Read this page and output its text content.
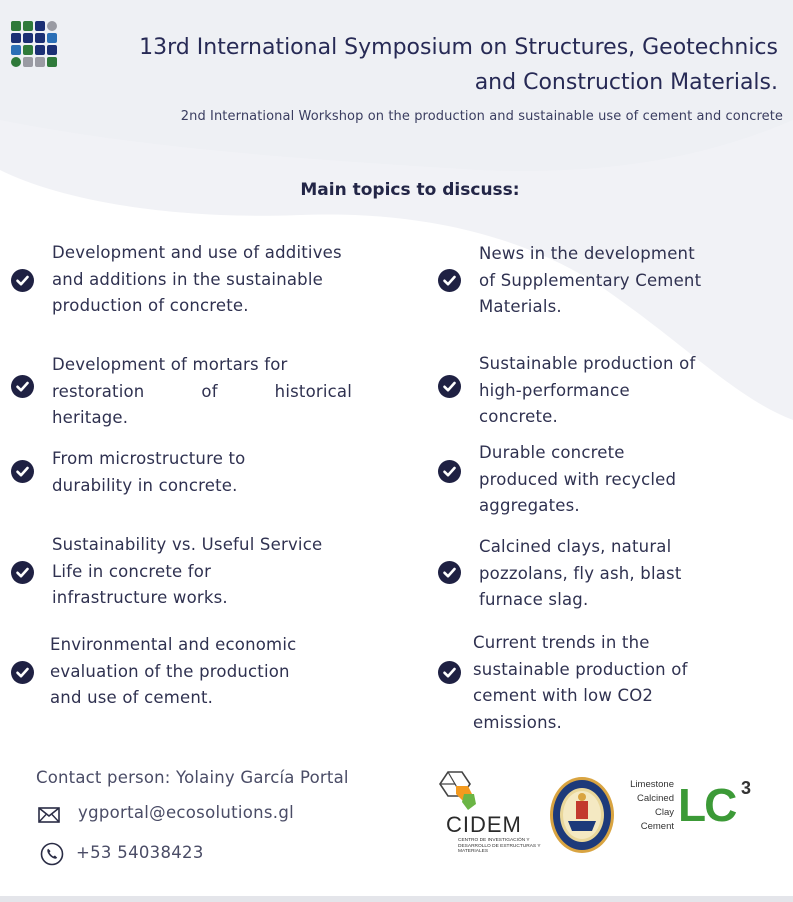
13rd International Symposium on Structures, Geotechnics
and Construction Materials.
2nd International Workshop on the production and sustainable use of cement and concrete
Main topics to discuss:
Development and use of additives
and additions in the sustainable
production of concrete.
Development of mortars for
restoration of historical
heritage.
From microstructure to
durability in concrete.
Sustainability vs. Useful Service
Life in concrete for
infrastructure works.
Environmental and economic
evaluation of the production
and use of cement.
News in the development
of Supplementary Cement
Materials.
Sustainable production of
high-performance
concrete.
Durable concrete
produced with recycled
aggregates.
Calcined clays, natural
pozzolans, fly ash, blast
furnace slag.
Current trends in the
sustainable production of
cement with low CO2
emissions.
Contact person: Yolainy García Portal
ygportal@ecosolutions.gl
+53 54038423
CIDEM
CENTRO DE INVESTIGACIÓN Y DESARROLLO DE ESTRUCTURAS Y MATERIALES
Limestone
Calcined
Clay
Cement LC 3
